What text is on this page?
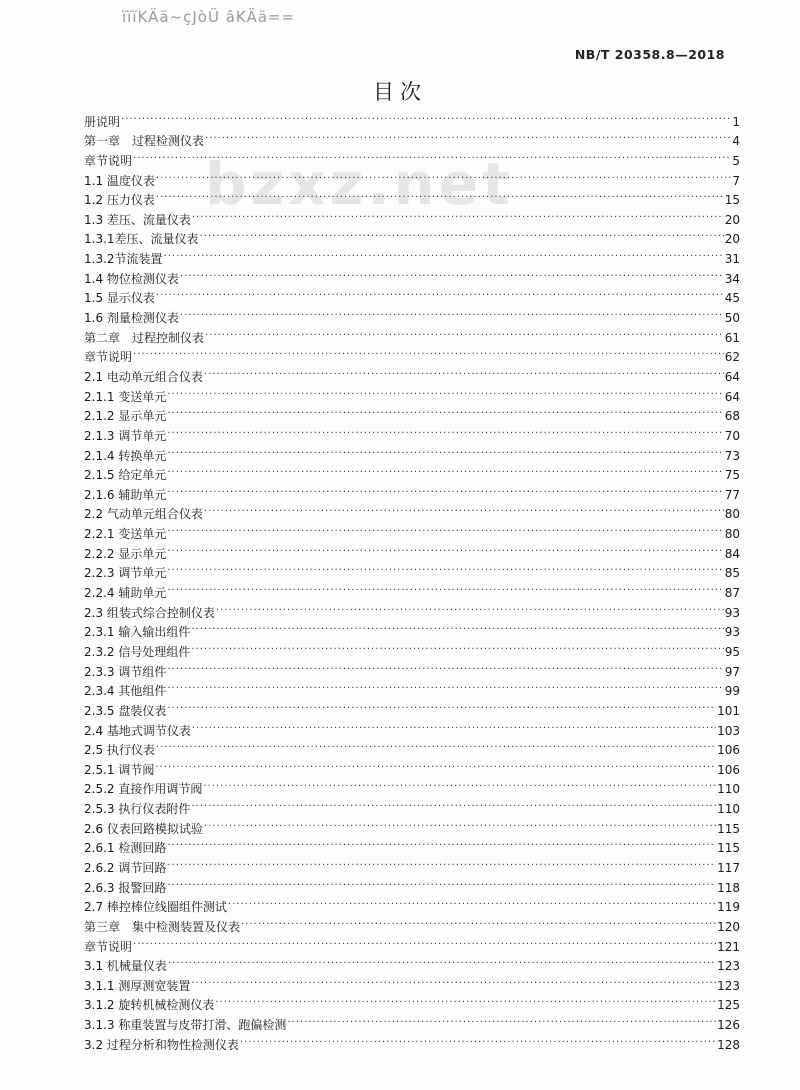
ïïïKÄä~çJòÜ âKÄä==
NB/T 20358.8—2018
bzxz.net
目次
册说明 ·····	1
第一章　过程检测仪表 ·····	4
章节说明 ·····	5
1.1 温度仪表 ·····	7
1.2 压力仪表 ·····	15
1.3 差压、流量仪表 ·····	20
1.3.1差压、流量仪表 ·····	20
1.3.2节流装置 ·····	31
1.4 物位检测仪表 ·····	34
1.5 显示仪表 ·····	45
1.6 剂量检测仪表 ·····	50
第二章　过程控制仪表 ·····	61
章节说明 ·····	62
2.1 电动单元组合仪表 ·····	64
2.1.1 变送单元 ·····	64
2.1.2 显示单元 ·····	68
2.1.3 调节单元 ·····	70
2.1.4 转换单元 ·····	73
2.1.5 给定单元 ·····	75
2.1.6 辅助单元 ·····	77
2.2 气动单元组合仪表 ·····	80
2.2.1 变送单元 ·····	80
2.2.2 显示单元 ·····	84
2.2.3 调节单元 ·····	85
2.2.4 辅助单元 ·····	87
2.3 组装式综合控制仪表 ·····	93
2.3.1 输入输出组件 ·····	93
2.3.2 信号处理组件 ·····	95
2.3.3 调节组件 ·····	97
2.3.4 其他组件 ·····	99
2.3.5 盘装仪表 ·····	101
2.4 基地式调节仪表 ·····	103
2.5 执行仪表 ·····	106
2.5.1 调节阀 ·····	106
2.5.2 直接作用调节阀 ·····	110
2.5.3 执行仪表附件 ·····	110
2.6 仪表回路模拟试验 ·····	115
2.6.1 检测回路 ·····	115
2.6.2 调节回路 ·····	117
2.6.3 报警回路 ·····	118
2.7 棒控棒位线圈组件测试 ·····	119
第三章　集中检测装置及仪表 ·····	120
章节说明 ·····	121
3.1 机械量仪表 ·····	123
3.1.1 测厚测宽装置 ·····	123
3.1.2 旋转机械检测仪表 ·····	125
3.1.3 称重装置与皮带打滑、跑偏检测 ·····	126
3.2 过程分析和物性检测仪表 ·····	128
